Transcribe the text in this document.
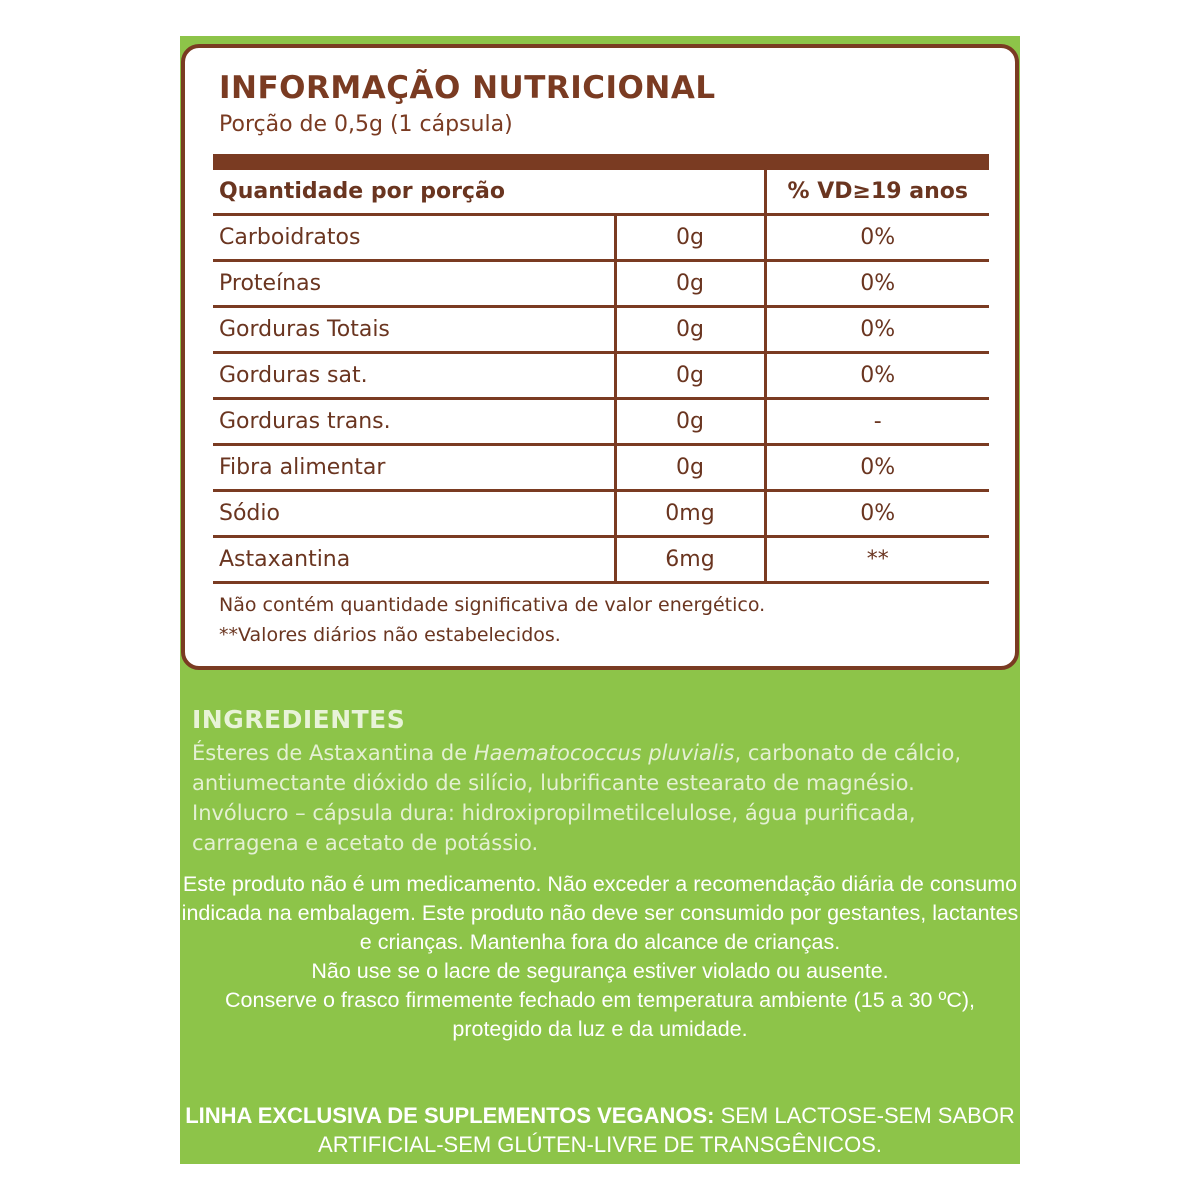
INFORMAÇÃO NUTRICIONAL
Porção de 0,5g (1 cápsula)
Quantidade por porção		% VD≥19 anos
Carboidratos	0g	0%
Proteínas	0g	0%
Gorduras Totais	0g	0%
Gorduras sat.	0g	0%
Gorduras trans.	0g	-
Fibra alimentar	0g	0%
Sódio	0mg	0%
Astaxantina	6mg	**
Não contém quantidade significativa de valor energético.
**Valores diários não estabelecidos.
INGREDIENTES
Ésteres de Astaxantina de Haematococcus pluvialis, carbonato de cálcio, antiumectante dióxido de silício, lubrificante estearato de magnésio. Invólucro – cápsula dura: hidroxipropilmetilcelulose, água purificada, carragena e acetato de potássio.

Este produto não é um medicamento. Não exceder a recomendação diária de consumo indicada na embalagem. Este produto não deve ser consumido por gestantes, lactantes e crianças. Mantenha fora do alcance de crianças.

Não use se o lacre de segurança estiver violado ou ausente.

Conserve o frasco firmemente fechado em temperatura ambiente (15 a 30 ºC), protegido da luz e da umidade.

LINHA EXCLUSIVA DE SUPLEMENTOS VEGANOS: SEM LACTOSE-SEM SABOR ARTIFICIAL-SEM GLÚTEN-LIVRE DE TRANSGÊNICOS.
